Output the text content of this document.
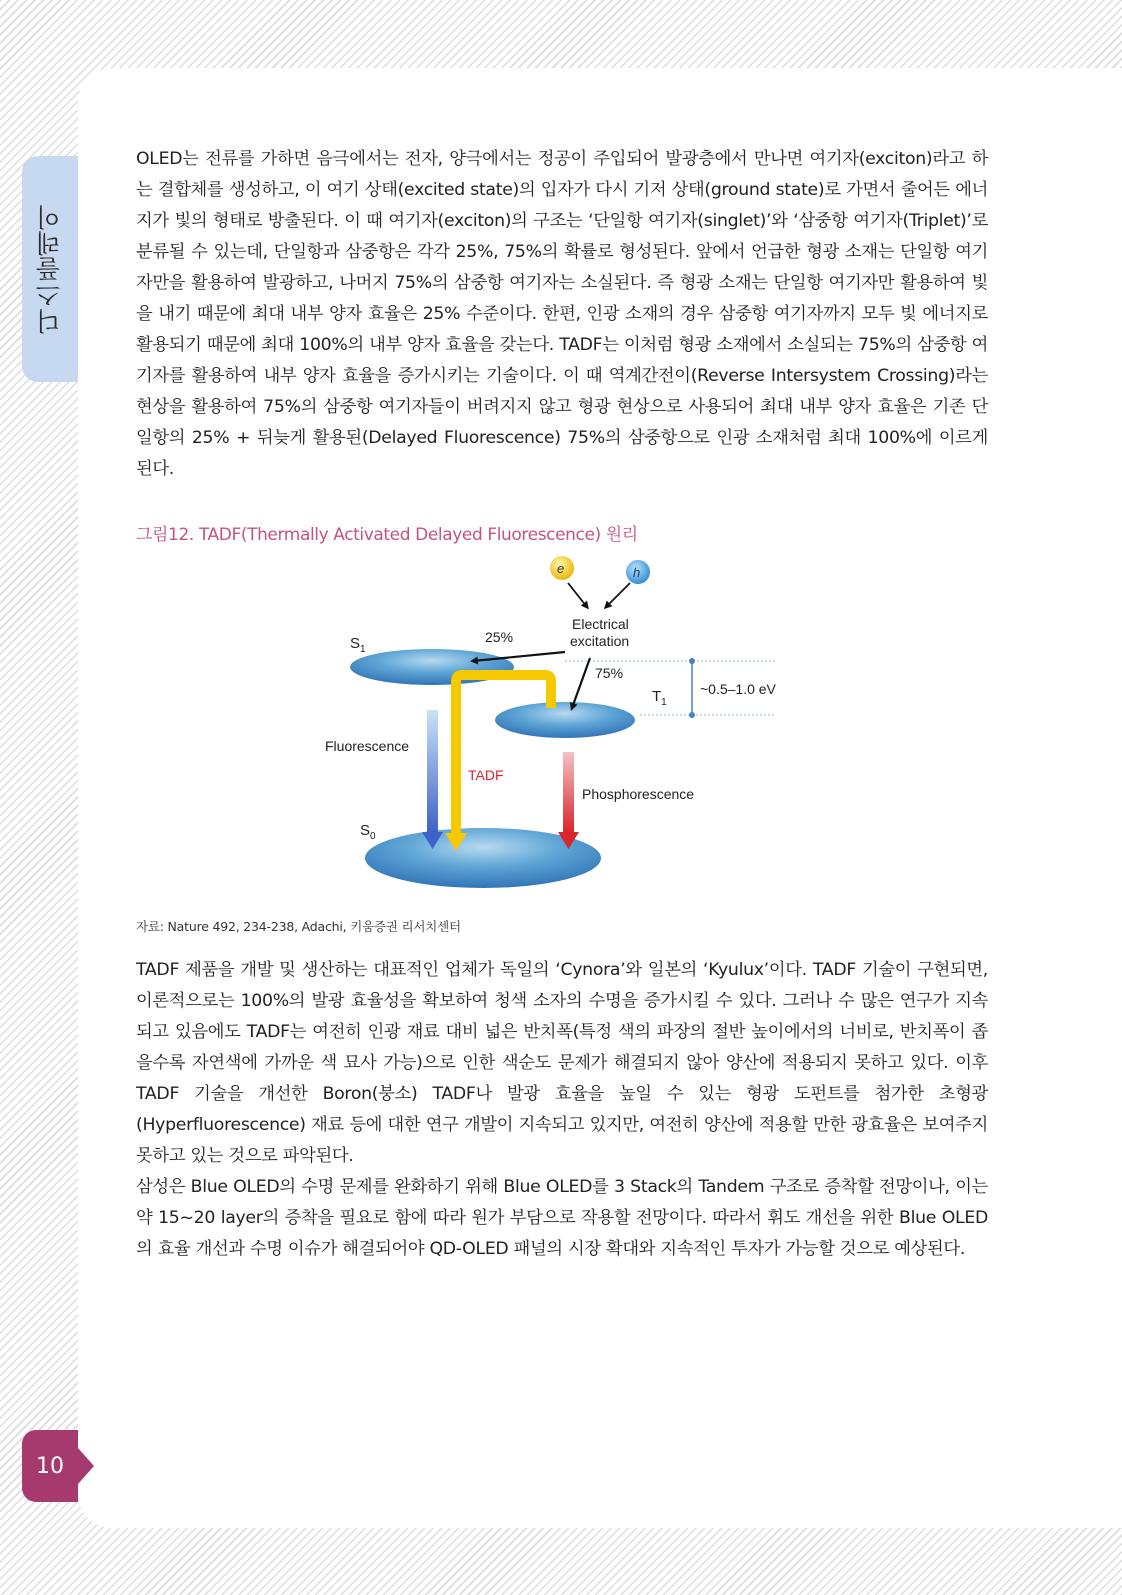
디스플레이

OLED는 전류를 가하면 음극에서는 전자, 양극에서는 정공이 주입되어 발광층에서 만나면 여기자(exciton)라고 하는 결합체를 생성하고, 이 여기 상태(excited state)의 입자가 다시 기저 상태(ground state)로 가면서 줄어든 에너지가 빛의 형태로 방출된다. 이 때 여기자(exciton)의 구조는 ‘단일항 여기자(singlet)’와 ‘삼중항 여기자(Triplet)’로 분류될 수 있는데, 단일항과 삼중항은 각각 25%, 75%의 확률로 형성된다. 앞에서 언급한 형광 소재는 단일항 여기자만을 활용하여 발광하고, 나머지 75%의 삼중항 여기자는 소실된다. 즉 형광 소재는 단일항 여기자만 활용하여 빛을 내기 때문에 최대 내부 양자 효율은 25% 수준이다. 한편, 인광 소재의 경우 삼중항 여기자까지 모두 빛 에너지로 활용되기 때문에 최대 100%의 내부 양자 효율을 갖는다. TADF는 이처럼 형광 소재에서 소실되는 75%의 삼중항 여기자를 활용하여 내부 양자 효율을 증가시키는 기술이다. 이 때 역계간전이(Reverse Intersystem Crossing)라는 현상을 활용하여 75%의 삼중항 여기자들이 버려지지 않고 형광 현상으로 사용되어 최대 내부 양자 효율은 기존 단일항의 25% + 뒤늦게 활용된(Delayed Fluorescence) 75%의 삼중항으로 인광 소재처럼 최대 100%에 이르게 된다.

그림12. TADF(Thermally Activated Delayed Fluorescence) 원리

~0.5–1.0 eV
e	h
Electrical
excitation
25%
75%
$S_1$
$T_1$
$S_0$
Fluorescence
TADF
Phosphorescence

자료: Nature 492, 234-238, Adachi, 키움증권 리서치센터

TADF 제품을 개발 및 생산하는 대표적인 업체가 독일의 ‘Cynora’와 일본의 ‘Kyulux’이다. TADF 기술이 구현되면, 이론적으로는 100%의 발광 효율성을 확보하여 청색 소자의 수명을 증가시킬 수 있다. 그러나 수 많은 연구가 지속되고 있음에도 TADF는 여전히 인광 재료 대비 넓은 반치폭(특정 색의 파장의 절반 높이에서의 너비로, 반치폭이 좁을수록 자연색에 가까운 색 묘사 가능)으로 인한 색순도 문제가 해결되지 않아 양산에 적용되지 못하고 있다. 이후 TADF 기술을 개선한 Boron(붕소) TADF나 발광 효율을 높일 수 있는 형광 도펀트를 첨가한 초형광(Hyperfluorescence) 재료 등에 대한 연구 개발이 지속되고 있지만, 여전히 양산에 적용할 만한 광효율은 보여주지 못하고 있는 것으로 파악된다.

삼성은 Blue OLED의 수명 문제를 완화하기 위해 Blue OLED를 3 Stack의 Tandem 구조로 증착할 전망이나, 이는 약 15~20 layer의 증착을 필요로 함에 따라 원가 부담으로 작용할 전망이다. 따라서 휘도 개선을 위한 Blue OLED의 효율 개선과 수명 이슈가 해결되어야 QD-OLED 패널의 시장 확대와 지속적인 투자가 가능할 것으로 예상된다.

10
